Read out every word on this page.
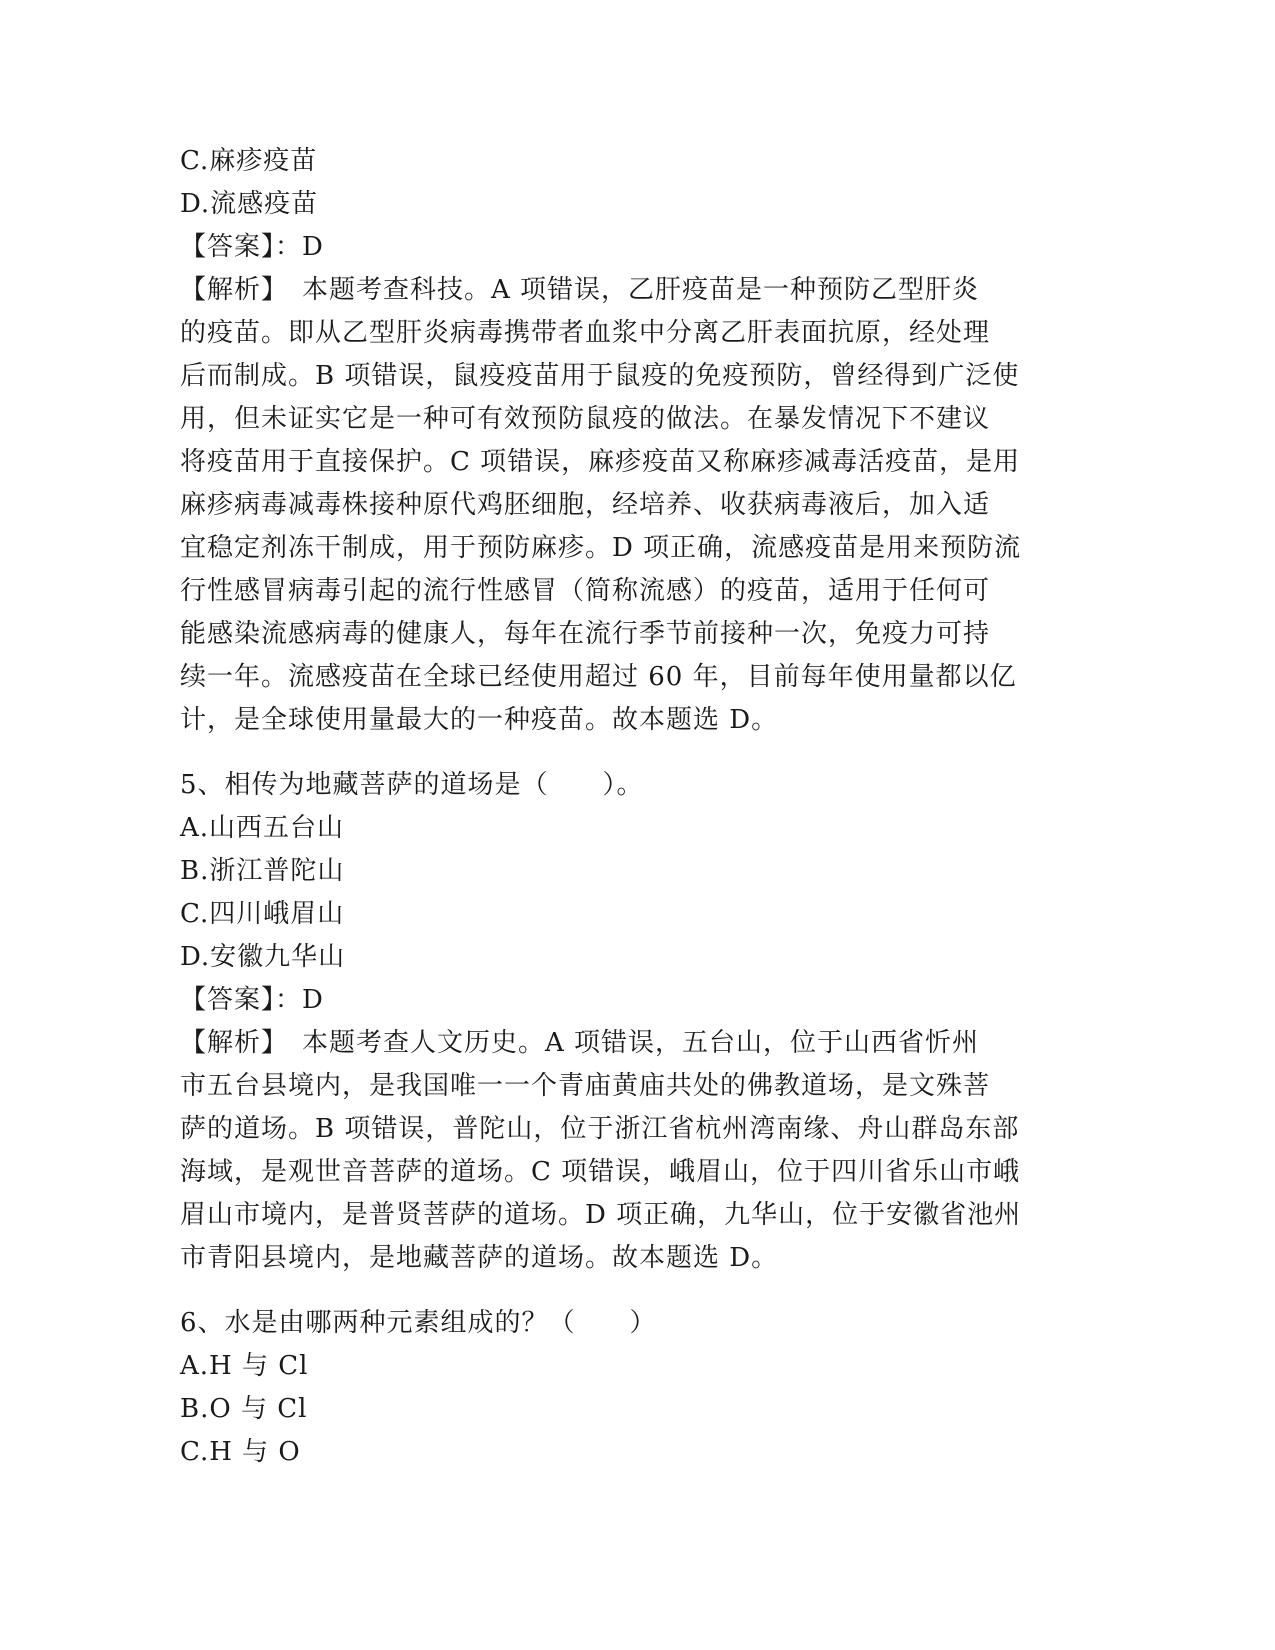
C.麻疹疫苗
D.流感疫苗
【答案】：D
【解析】　本题考查科技。A 项错误，乙肝疫苗是一种预防乙型肝炎
的疫苗。即从乙型肝炎病毒携带者血浆中分离乙肝表面抗原，经处理
后而制成。B 项错误，鼠疫疫苗用于鼠疫的免疫预防，曾经得到广泛使
用，但未证实它是一种可有效预防鼠疫的做法。在暴发情况下不建议
将疫苗用于直接保护。C 项错误，麻疹疫苗又称麻疹减毒活疫苗，是用
麻疹病毒减毒株接种原代鸡胚细胞，经培养、收获病毒液后，加入适
宜稳定剂冻干制成，用于预防麻疹。D 项正确，流感疫苗是用来预防流
行性感冒病毒引起的流行性感冒（简称流感）的疫苗，适用于任何可
能感染流感病毒的健康人，每年在流行季节前接种一次，免疫力可持
续一年。流感疫苗在全球已经使用超过 60 年，目前每年使用量都以亿
计，是全球使用量最大的一种疫苗。故本题选 D。
5、相传为地藏菩萨的道场是（　　）。
A.山西五台山
B.浙江普陀山
C.四川峨眉山
D.安徽九华山
【答案】：D
【解析】　本题考查人文历史。A 项错误，五台山，位于山西省忻州
市五台县境内，是我国唯一一个青庙黄庙共处的佛教道场，是文殊菩
萨的道场。B 项错误，普陀山，位于浙江省杭州湾南缘、舟山群岛东部
海域，是观世音菩萨的道场。C 项错误，峨眉山，位于四川省乐山市峨
眉山市境内，是普贤菩萨的道场。D 项正确，九华山，位于安徽省池州
市青阳县境内，是地藏菩萨的道场。故本题选 D。
6、水是由哪两种元素组成的？（　　）
A.H 与 Cl
B.O 与 Cl
C.H 与 O
